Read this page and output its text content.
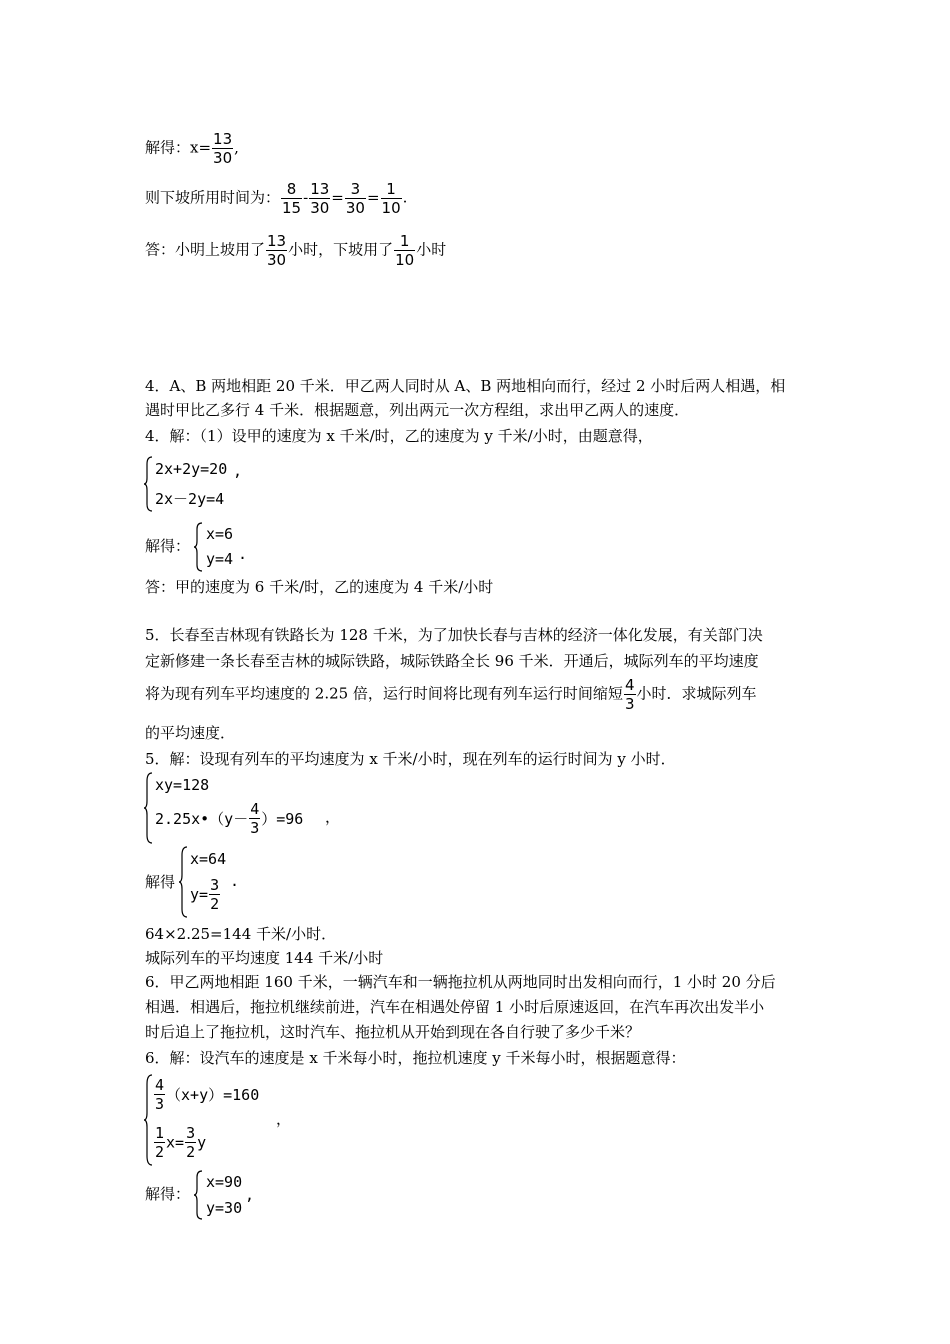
解得：$x= \frac{13}{30}$ ,
则下坡所用时间为： $\frac{8}{15} - \frac{13}{30} = \frac{3}{30} = \frac{1}{10}$ .
答：小明上坡用了 $\frac{13}{30}$ 小时，下坡用了 $\frac{1}{10}$ 小时
4．A、B 两地相距 20 千米．甲乙两人同时从 A、B 两地相向而行，经过 2 小时后两人相遇，相
遇时甲比乙多行 4 千米．根据题意，列出两元一次方程组，求出甲乙两人的速度．
4．解：（1）设甲的速度为 x 千米/时，乙的速度为 y 千米/小时，由题意得，
2x+2y=20 ,
2x－2y=4
解得：
x=6
y=4 .
答：甲的速度为 6 千米/时，乙的速度为 4 千米/小时
5．长春至吉林现有铁路长为 128 千米，为了加快长春与吉林的经济一体化发展，有关部门决
定新修建一条长春至吉林的城际铁路，城际铁路全长 96 千米．开通后，城际列车的平均速度
将为现有列车平均速度的 2.25 倍，运行时间将比现有列车运行时间缩短 $\frac{4}{3}$ 小时．求城际列车
的平均速度．
5．解：设现有列车的平均速度为 x 千米/小时，现在列车的运行时间为 y 小时．
xy=128
2.25x•（y－ $\frac{4}{3} )=96$ ，
解得
x=64
$y= \frac{3}{2}$ .
64×2.25=144 千米/小时．
城际列车的平均速度 144 千米/小时
6．甲乙两地相距 160 千米，一辆汽车和一辆拖拉机从两地同时出发相向而行，1 小时 20 分后
相遇．相遇后，拖拉机继续前进，汽车在相遇处停留 1 小时后原速返回，在汽车再次出发半小
时后追上了拖拉机，这时汽车、拖拉机从开始到现在各自行驶了多少千米？
6．解：设汽车的速度是 x 千米每小时，拖拉机速度 y 千米每小时，根据题意得：
$\frac{4}{3} (x+y)=160$
，
$\frac{1}{2} x= \frac{3}{2}$ y
解得：
x=90
y=30
,
